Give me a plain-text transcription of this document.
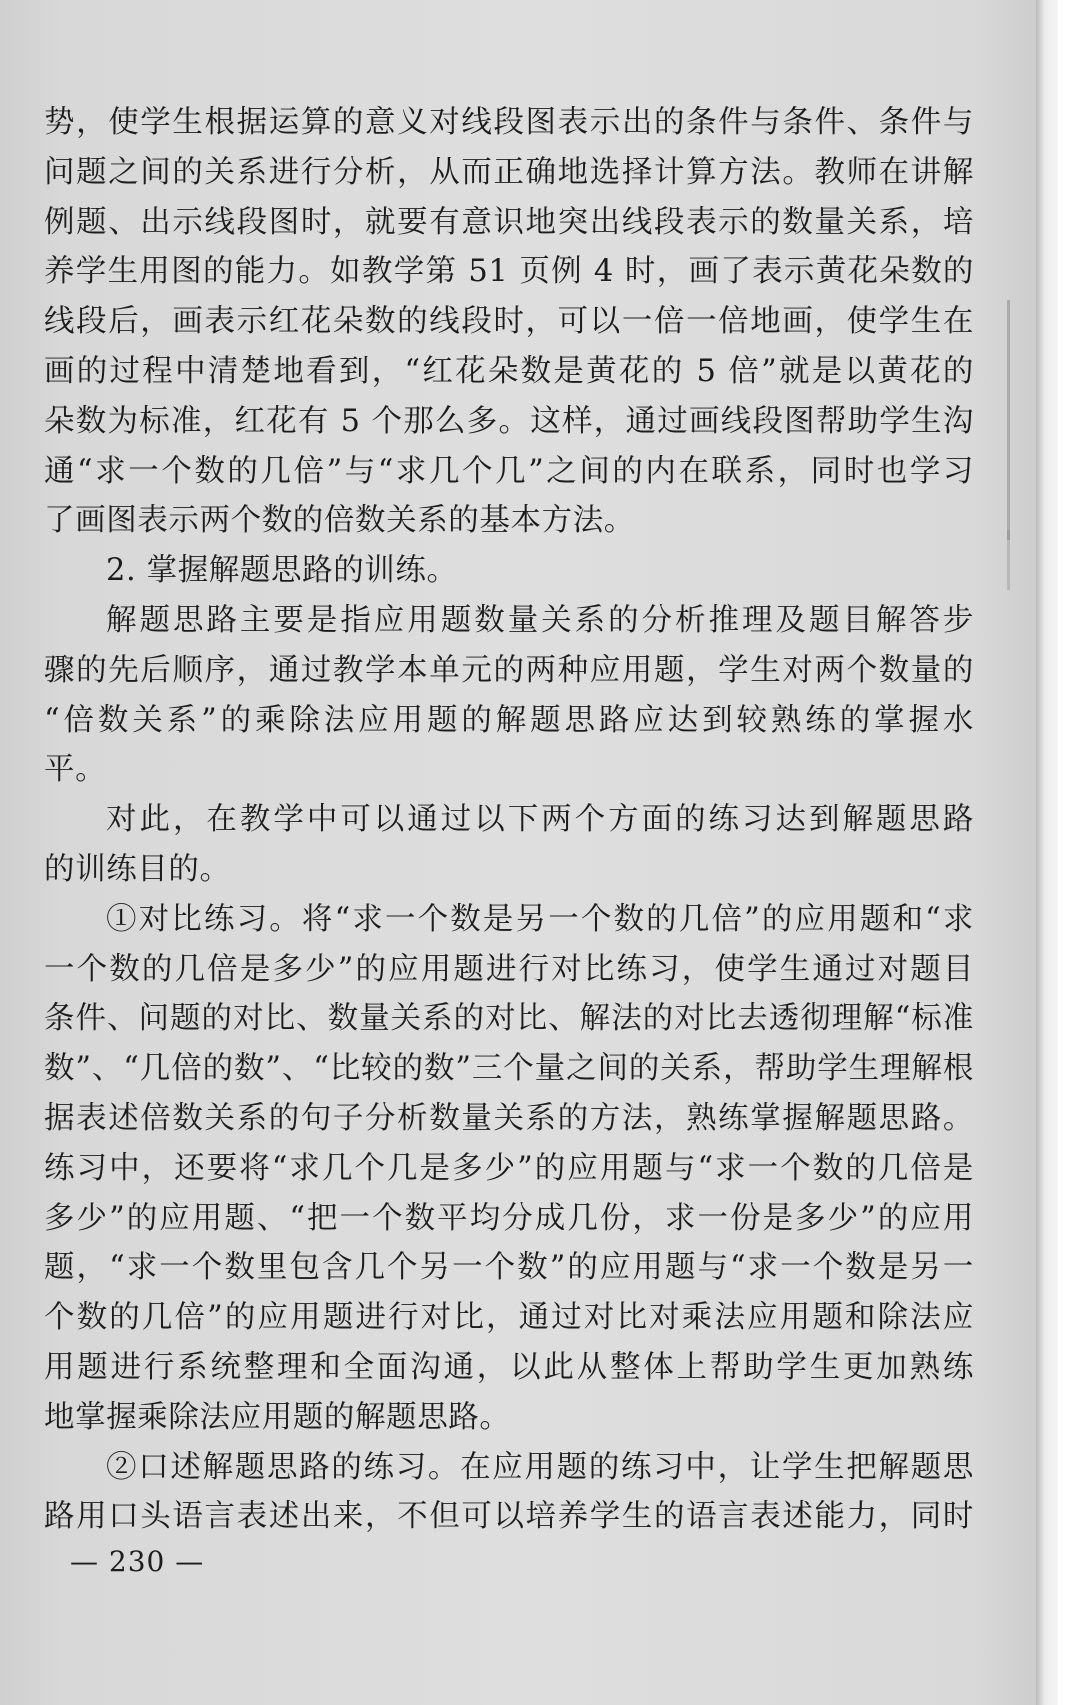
势，使学生根据运算的意义对线段图表示出的条件与条件、条件与
问题之间的关系进行分析，从而正确地选择计算方法。教师在讲解
例题、出示线段图时，就要有意识地突出线段表示的数量关系，培
养学生用图的能力。如教学第 51 页例 4 时，画了表示黄花朵数的
线段后，画表示红花朵数的线段时，可以一倍一倍地画，使学生在
画的过程中清楚地看到，“红花朵数是黄花的 5 倍”就是以黄花的
朵数为标准，红花有 5 个那么多。这样，通过画线段图帮助学生沟
通“求一个数的几倍”与“求几个几”之间的内在联系，同时也学习
了画图表示两个数的倍数关系的基本方法。
2. 掌握解题思路的训练。
解题思路主要是指应用题数量关系的分析推理及题目解答步
骤的先后顺序，通过教学本单元的两种应用题，学生对两个数量的
“倍数关系”的乘除法应用题的解题思路应达到较熟练的掌握水
平。
对此，在教学中可以通过以下两个方面的练习达到解题思路
的训练目的。
①对比练习。将“求一个数是另一个数的几倍”的应用题和“求
一个数的几倍是多少”的应用题进行对比练习，使学生通过对题目
条件、问题的对比、数量关系的对比、解法的对比去透彻理解“标准
数”、“几倍的数”、“比较的数”三个量之间的关系，帮助学生理解根
据表述倍数关系的句子分析数量关系的方法，熟练掌握解题思路。
练习中，还要将“求几个几是多少”的应用题与“求一个数的几倍是
多少”的应用题、“把一个数平均分成几份，求一份是多少”的应用
题，“求一个数里包含几个另一个数”的应用题与“求一个数是另一
个数的几倍”的应用题进行对比，通过对比对乘法应用题和除法应
用题进行系统整理和全面沟通，以此从整体上帮助学生更加熟练
地掌握乘除法应用题的解题思路。
②口述解题思路的练习。在应用题的练习中，让学生把解题思
路用口头语言表述出来，不但可以培养学生的语言表述能力，同时
— 230 —
